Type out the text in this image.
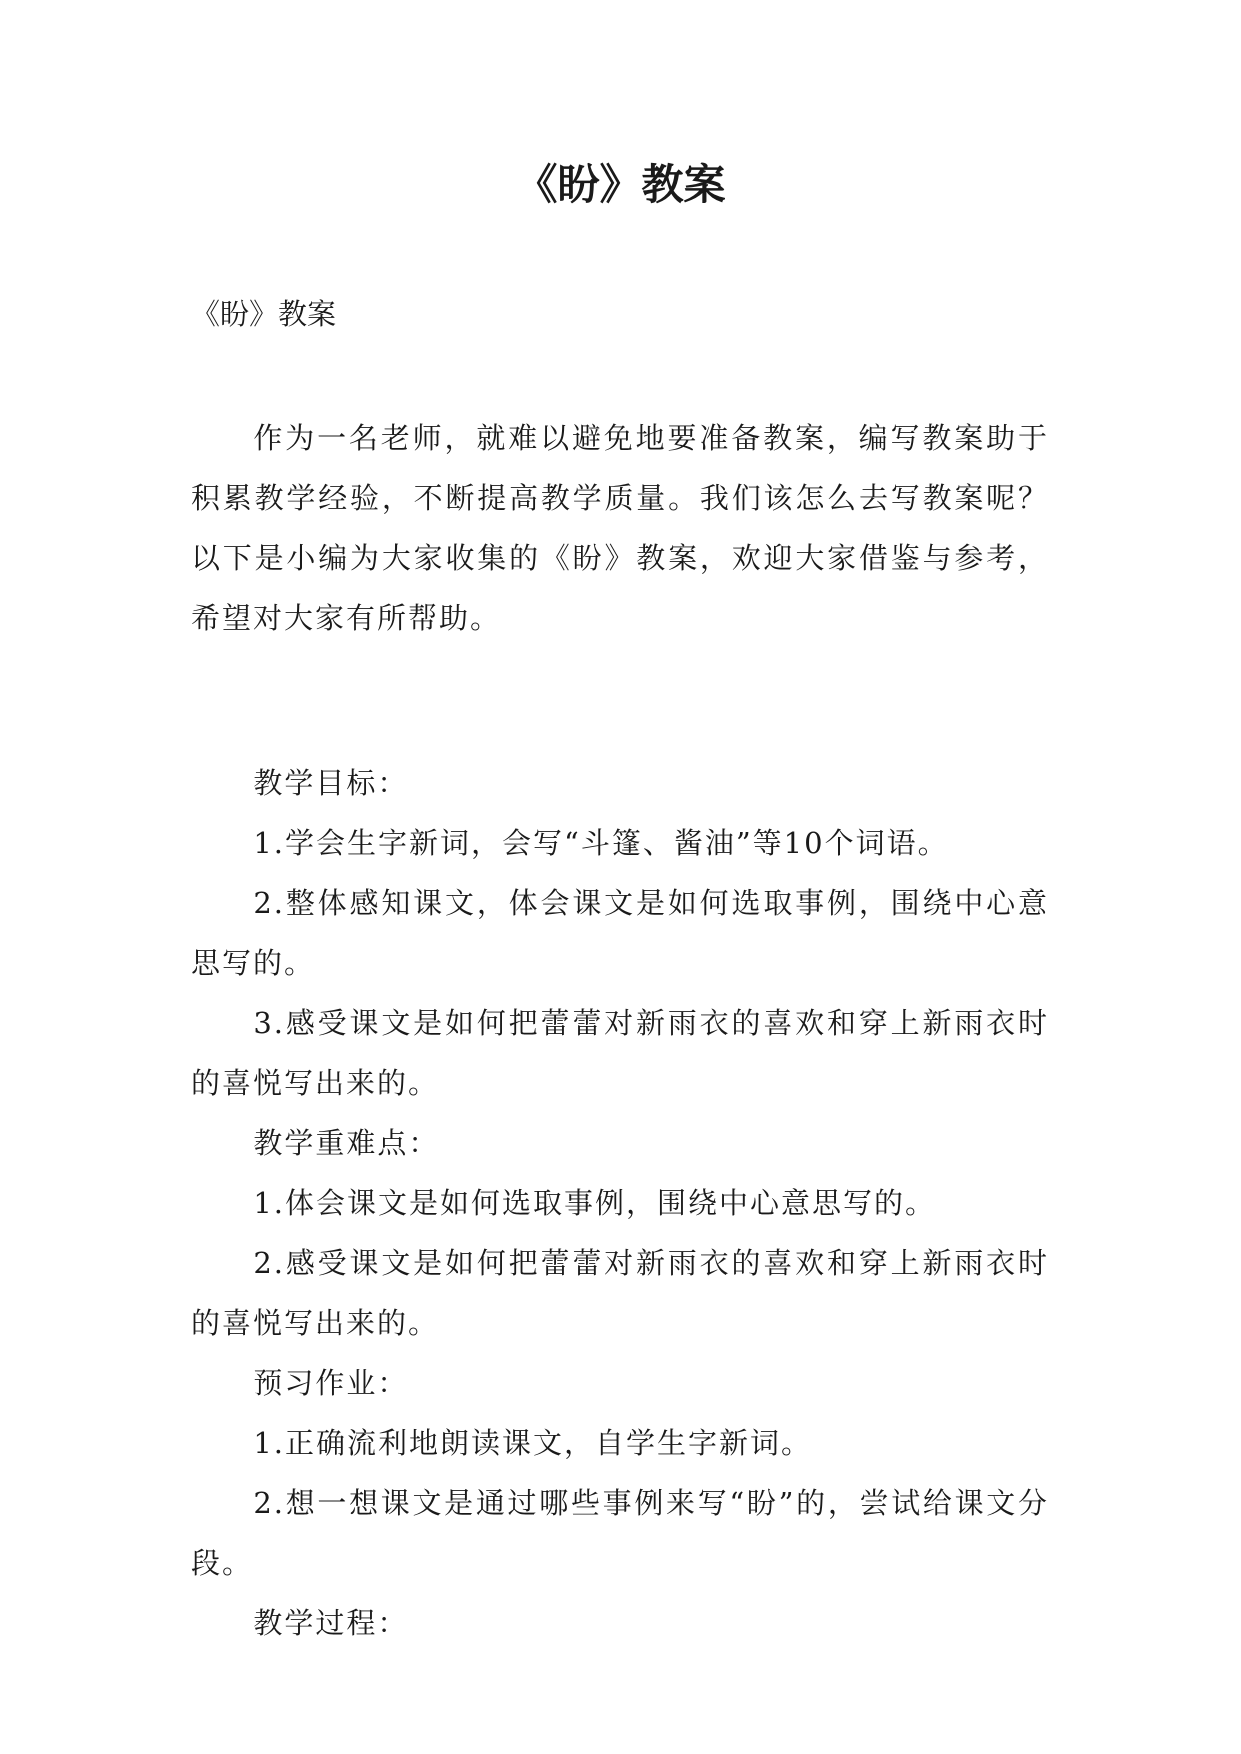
《盼》教案
《盼》教案

作为一名老师，就难以避免地要准备教案，编写教案助于积累教学经验，不断提高教学质量。我们该怎么去写教案呢？以下是小编为大家收集的《盼》教案，欢迎大家借鉴与参考，希望对大家有所帮助。

教学目标：

1.学会生字新词，会写“斗篷、酱油”等10个词语。

2.整体感知课文，体会课文是如何选取事例，围绕中心意思写的。

3.感受课文是如何把蕾蕾对新雨衣的喜欢和穿上新雨衣时的喜悦写出来的。

教学重难点：

1.体会课文是如何选取事例，围绕中心意思写的。

2.感受课文是如何把蕾蕾对新雨衣的喜欢和穿上新雨衣时的喜悦写出来的。

预习作业：

1.正确流利地朗读课文，自学生字新词。

2.想一想课文是通过哪些事例来写“盼”的，尝试给课文分段。

教学过程：
